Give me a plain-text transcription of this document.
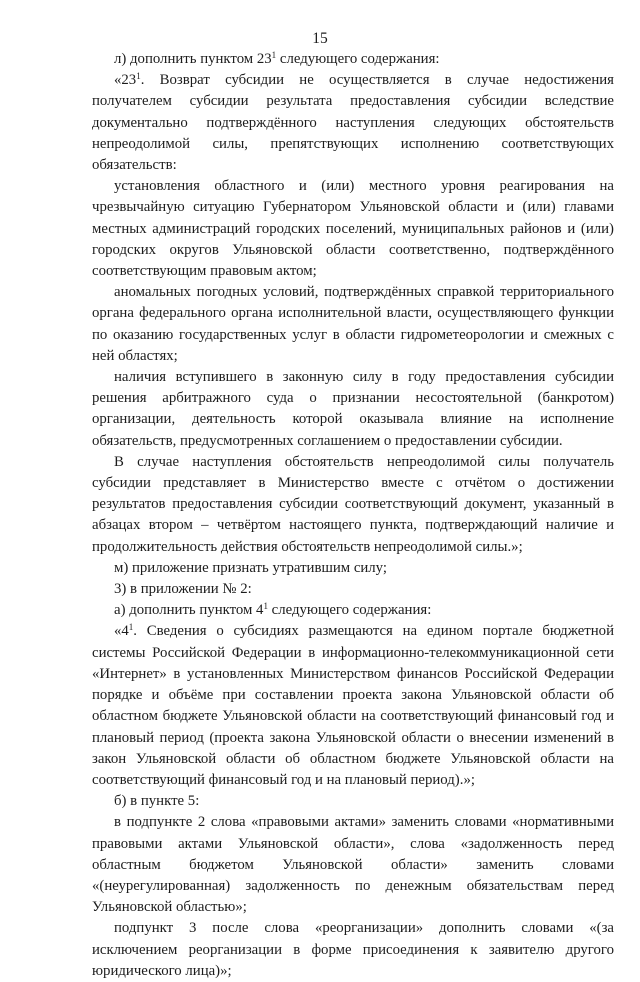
15

л) дополнить пунктом $23^1$ следующего содержания:

«$23^1$. Возврат субсидии не осуществляется в случае недостижения получателем субсидии результата предоставления субсидии вследствие документально подтверждённого наступления следующих обстоятельств непреодолимой силы, препятствующих исполнению соответствующих обязательств:

установления областного и (или) местного уровня реагирования на чрезвычайную ситуацию Губернатором Ульяновской области и (или) главами местных администраций городских поселений, муниципальных районов и (или) городских округов Ульяновской области соответственно, подтверждённого соответствующим правовым актом;

аномальных погодных условий, подтверждённых справкой территориального органа федерального органа исполнительной власти, осуществляющего функции по оказанию государственных услуг в области гидрометеорологии и смежных с ней областях;

наличия вступившего в законную силу в году предоставления субсидии решения арбитражного суда о признании несостоятельной (банкротом) организации, деятельность которой оказывала влияние на исполнение обязательств, предусмотренных соглашением о предоставлении субсидии.

В случае наступления обстоятельств непреодолимой силы получатель субсидии представляет в Министерство вместе с отчётом о достижении результатов предоставления субсидии соответствующий документ, указанный в абзацах втором – четвёртом настоящего пункта, подтверждающий наличие и продолжительность действия обстоятельств непреодолимой силы.»;

м) приложение признать утратившим силу;

3) в приложении № 2:

а) дополнить пунктом $4^1$ следующего содержания:

«$4^1$. Сведения о субсидиях размещаются на едином портале бюджетной системы Российской Федерации в информационно-телекоммуникационной сети «Интернет» в установленных Министерством финансов Российской Федерации порядке и объёме при составлении проекта закона Ульяновской области об областном бюджете Ульяновской области на соответствующий финансовый год и плановый период (проекта закона Ульяновской области о внесении изменений в закон Ульяновской области об областном бюджете Ульяновской области на соответствующий финансовый год и на плановый период).»;

б) в пункте 5:

в подпункте 2 слова «правовыми актами» заменить словами «нормативными правовыми актами Ульяновской области», слова «задолженность перед областным бюджетом Ульяновской области» заменить словами «(неурегулированная) задолженность по денежным обязательствам перед Ульяновской областью»;

подпункт 3 после слова «реорганизации» дополнить словами «(за исключением реорганизации в форме присоединения к заявителю другого юридического лица)»;
